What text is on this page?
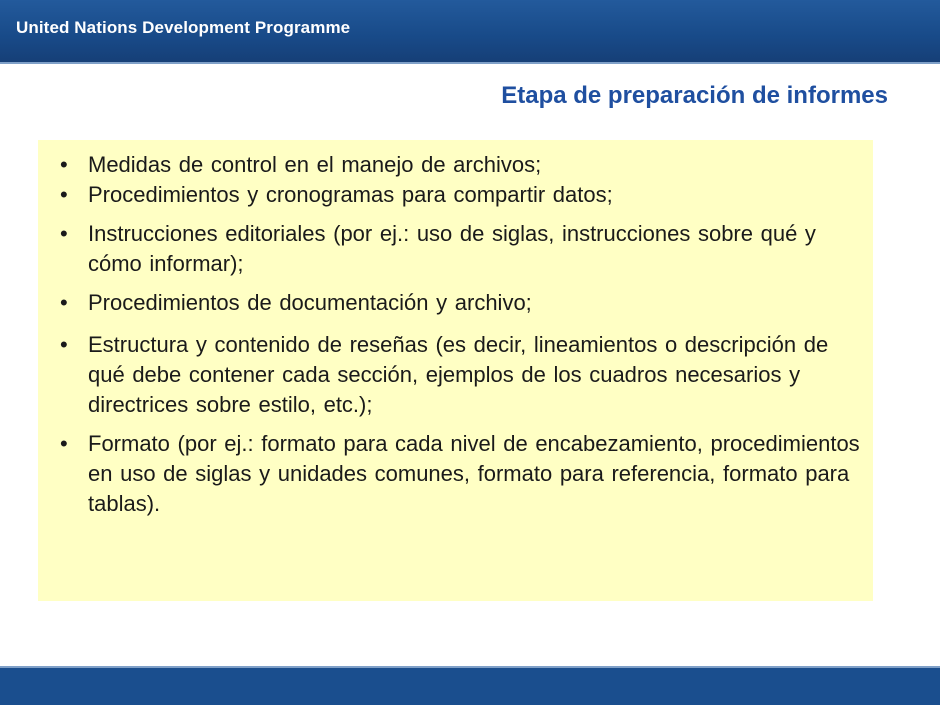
United Nations Development Programme
Etapa de preparación de informes
• Medidas de control en el manejo de archivos;
• Procedimientos y cronogramas para compartir datos;
• Instrucciones editoriales (por ej.: uso de siglas, instrucciones sobre qué y cómo informar);
• Procedimientos de documentación y archivo;
• Estructura y contenido de reseñas (es decir, lineamientos o descripción de qué debe contener cada sección, ejemplos de los cuadros necesarios y directrices sobre estilo, etc.);
• Formato (por ej.: formato para cada nivel de encabezamiento, procedimientos en uso de siglas y unidades comunes, formato para referencia, formato para tablas).
